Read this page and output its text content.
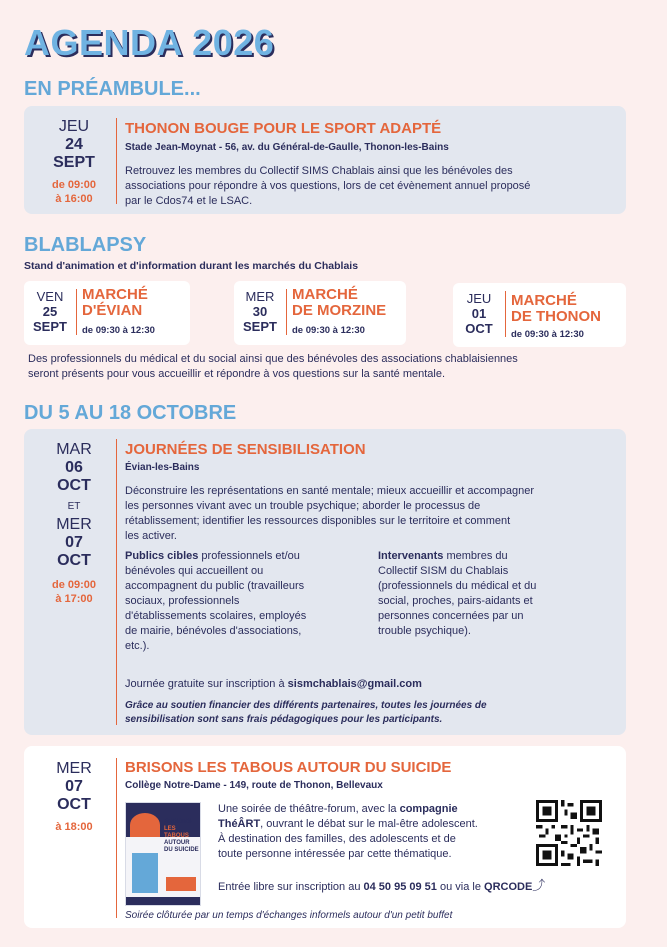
AGENDA 2026
EN PRÉAMBULE...
JEU
24
SEPT
de 09:00
à 16:00
THONON BOUGE POUR LE SPORT ADAPTÉ
Stade Jean-Moynat - 56, av. du Général-de-Gaulle, Thonon-les-Bains
Retrouvez les membres du Collectif SIMS Chablais ainsi que les bénévoles des
associations pour répondre à vos questions, lors de cet évènement annuel proposé
par le Cdos74 et le LSAC.
BLABLAPSY
Stand d'animation et d'information durant les marchés du Chablais
VEN
25
SEPT
MARCHÉ
D'ÉVIAN
de 09:30 à 12:30
MER
30
SEPT
MARCHÉ
DE MORZINE
de 09:30 à 12:30
JEU
01
OCT
MARCHÉ
DE THONON
de 09:30 à 12:30
Des professionnels du médical et du social ainsi que des bénévoles des associations chablaisiennes
seront présents pour vous accueillir et répondre à vos questions sur la santé mentale.
DU 5 AU 18 OCTOBRE
MAR
06
OCT
ET
MER
07
OCT
de 09:00
à 17:00
JOURNÉES DE SENSIBILISATION
Évian-les-Bains
Déconstruire les représentations en santé mentale; mieux accueillir et accompagner
les personnes vivant avec un trouble psychique; aborder le processus de
rétablissement; identifier les ressources disponibles sur le territoire et comment
les activer.
Publics cibles professionnels et/ou
bénévoles qui accueillent ou
accompagnent du public (travailleurs
sociaux, professionnels
d'établissements scolaires, employés
de mairie, bénévoles d'associations,
etc.).
Intervenants membres du
Collectif SISM du Chablais
(professionnels du médical et du
social, proches, pairs-aidants et
personnes concernées par un
trouble psychique).
Journée gratuite sur inscription à sismchablais@gmail.com
Grâce au soutien financier des différents partenaires, toutes les journées de
sensibilisation sont sans frais pédagogiques pour les participants.
MER
07
OCT
à 18:00
BRISONS LES TABOUS AUTOUR DU SUICIDE
Collège Notre-Dame - 149, route de Thonon, Bellevaux
BRISONS
LES TABOUS
AUTOUR
DU SUICIDE
Une soirée de théâtre-forum, avec la compagnie
ThéÂRT, ouvrant le débat sur le mal-être adolescent.
À destination des familles, des adolescents et de
toute personne intéressée par cette thématique.
Entrée libre sur inscription au 04 50 95 09 51 ou via le QRCODE⤴
Soirée clôturée par un temps d'échanges informels autour d'un petit buffet
